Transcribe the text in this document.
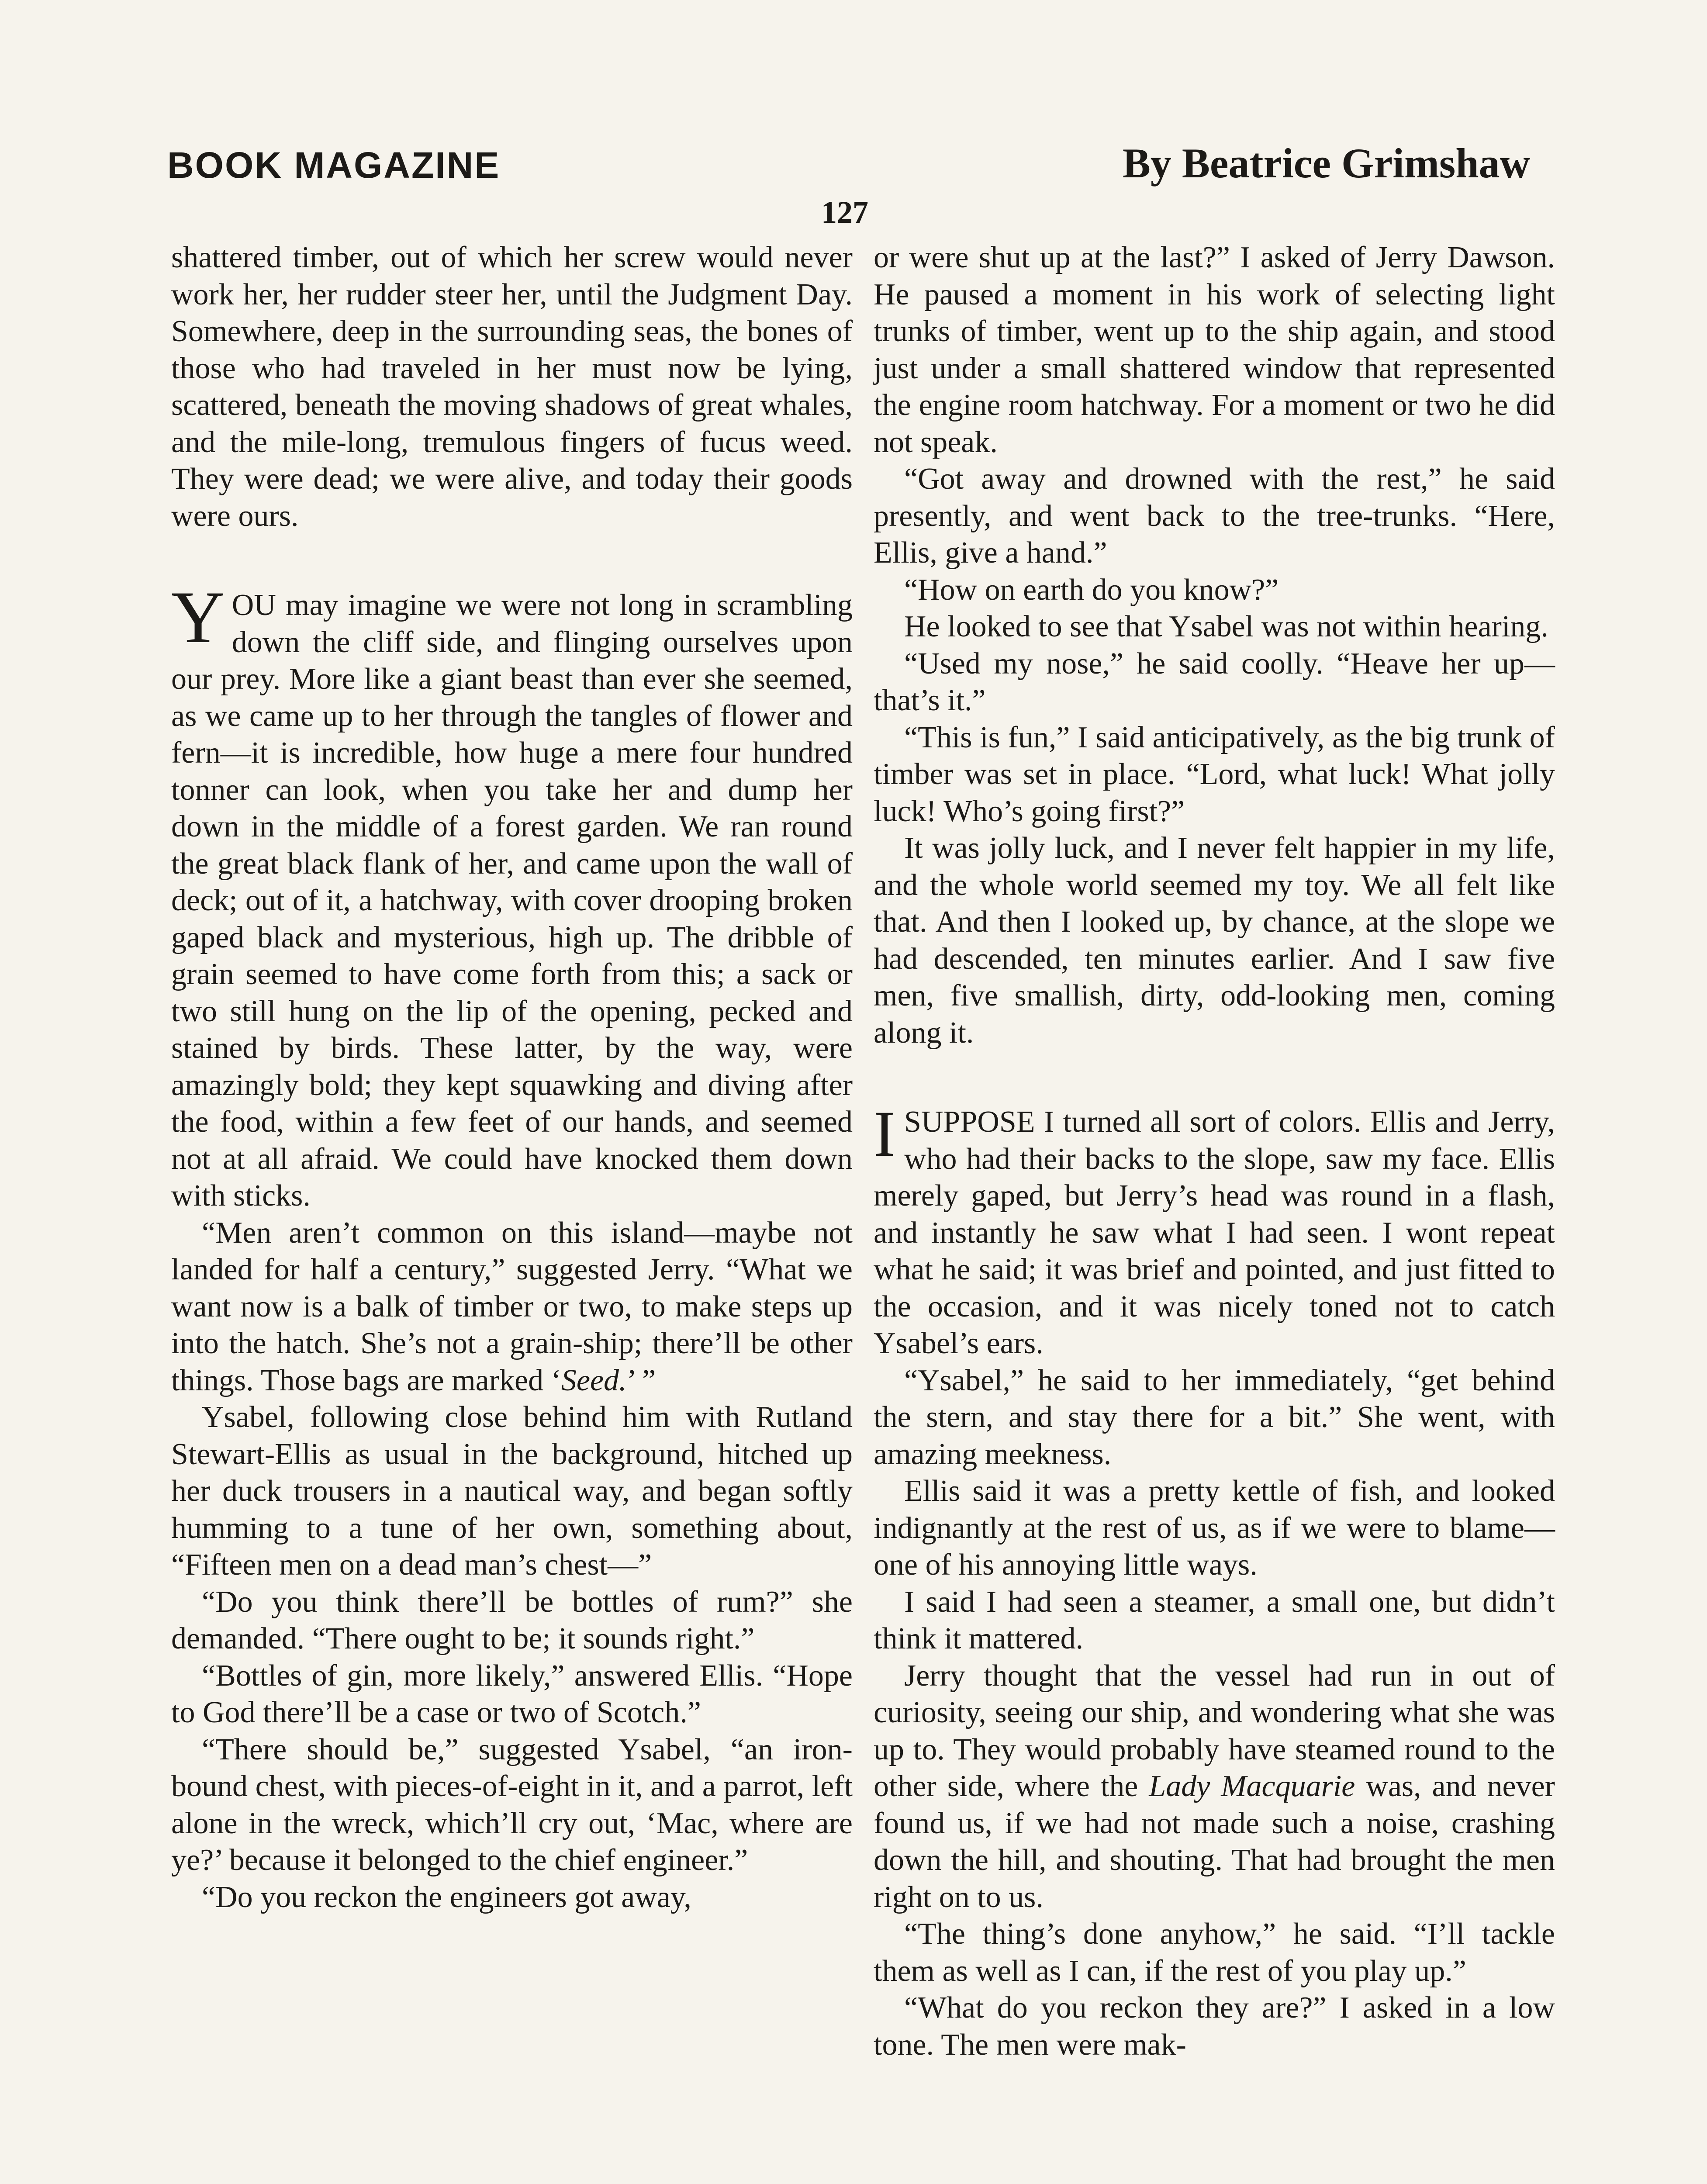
BOOK MAGAZINE	By Beatrice Grimshaw
127

shattered timber, out of which her screw would never work her, her rudder steer her, until the Judgment Day. Somewhere, deep in the surrounding seas, the bones of those who had traveled in her must now be lying, scattered, beneath the moving shadows of great whales, and the mile-long, tremulous fingers of fucus weed. They were dead; we were alive, and today their goods were ours.

YOU may imagine we were not long in scrambling down the cliff side, and flinging ourselves upon our prey. More like a giant beast than ever she seemed, as we came up to her through the tangles of flower and fern—it is incredible, how huge a mere four hundred tonner can look, when you take her and dump her down in the middle of a forest garden. We ran round the great black flank of her, and came upon the wall of deck; out of it, a hatchway, with cover drooping broken gaped black and mysterious, high up. The dribble of grain seemed to have come forth from this; a sack or two still hung on the lip of the opening, pecked and stained by birds. These latter, by the way, were amazingly bold; they kept squawking and diving after the food, within a few feet of our hands, and seemed not at all afraid. We could have knocked them down with sticks.

“Men aren’t common on this island—maybe not landed for half a century,” suggested Jerry. “What we want now is a balk of timber or two, to make steps up into the hatch. She’s not a grain-ship; there’ll be other things. Those bags are marked ‘Seed.’ ”

Ysabel, following close behind him with Rutland Stewart-Ellis as usual in the background, hitched up her duck trousers in a nautical way, and began softly humming to a tune of her own, something about, “Fifteen men on a dead man’s chest—”

“Do you think there’ll be bottles of rum?” she demanded. “There ought to be; it sounds right.”

“Bottles of gin, more likely,” answered Ellis. “Hope to God there’ll be a case or two of Scotch.”

“There should be,” suggested Ysabel, “an iron-bound chest, with pieces-of-eight in it, and a parrot, left alone in the wreck, which’ll cry out, ‘Mac, where are ye?’ because it belonged to the chief engineer.”

“Do you reckon the engineers got away,

or were shut up at the last?” I asked of Jerry Dawson. He paused a moment in his work of selecting light trunks of timber, went up to the ship again, and stood just under a small shattered window that represented the engine room hatchway. For a moment or two he did not speak.

“Got away and drowned with the rest,” he said presently, and went back to the tree-trunks. “Here, Ellis, give a hand.”

“How on earth do you know?”

He looked to see that Ysabel was not within hearing.

“Used my nose,” he said coolly. “Heave her up—that’s it.”

“This is fun,” I said anticipatively, as the big trunk of timber was set in place. “Lord, what luck! What jolly luck! Who’s going first?”

It was jolly luck, and I never felt happier in my life, and the whole world seemed my toy. We all felt like that. And then I looked up, by chance, at the slope we had descended, ten minutes earlier. And I saw five men, five smallish, dirty, odd-looking men, coming along it.

ISUPPOSE I turned all sort of colors. Ellis and Jerry, who had their backs to the slope, saw my face. Ellis merely gaped, but Jerry’s head was round in a flash, and instantly he saw what I had seen. I wont repeat what he said; it was brief and pointed, and just fitted to the occasion, and it was nicely toned not to catch Ysabel’s ears.

“Ysabel,” he said to her immediately, “get behind the stern, and stay there for a bit.” She went, with amazing meekness.

Ellis said it was a pretty kettle of fish, and looked indignantly at the rest of us, as if we were to blame—one of his annoying little ways.

I said I had seen a steamer, a small one, but didn’t think it mattered.

Jerry thought that the vessel had run in out of curiosity, seeing our ship, and wondering what she was up to. They would probably have steamed round to the other side, where the Lady Macquarie was, and never found us, if we had not made such a noise, crashing down the hill, and shouting. That had brought the men right on to us.

“The thing’s done anyhow,” he said. “I’ll tackle them as well as I can, if the rest of you play up.”

“What do you reckon they are?” I asked in a low tone. The men were mak-
